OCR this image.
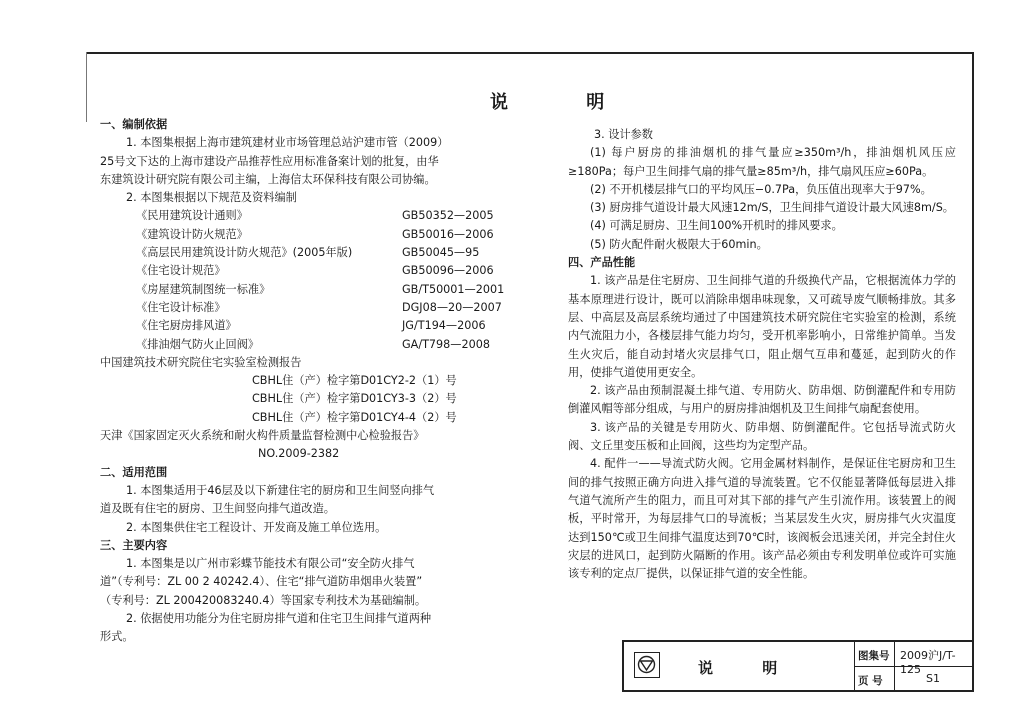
说 明
一、编制依据
1. 本图集根据上海市建筑建材业市场管理总站沪建市管（2009）
25号文下达的上海市建设产品推荐性应用标准备案计划的批复，由华
东建筑设计研究院有限公司主编，上海信太环保科技有限公司协编。
2. 本图集根据以下规范及资料编制
《民用建筑设计通则》	GB50352—2005
《建筑设计防火规范》	GB50016—2006
《高层民用建筑设计防火规范》(2005年版)	GB50045—95
《住宅设计规范》	GB50096—2006
《房屋建筑制图统一标准》	GB/T50001—2001
《住宅设计标准》	DGJ08—20—2007
《住宅厨房排风道》	JG/T194—2006
《排油烟气防火止回阀》	GA/T798—2008
中国建筑技术研究院住宅实验室检测报告
CBHL住（产）检字第D01CY2-2（1）号
CBHL住（产）检字第D01CY3-3（2）号
CBHL住（产）检字第D01CY4-4（2）号
天津《国家固定灭火系统和耐火构件质量监督检测中心检验报告》
NO.2009-2382
二、适用范围
1. 本图集适用于46层及以下新建住宅的厨房和卫生间竖向排气
道及既有住宅的厨房、卫生间竖向排气道改造。
2. 本图集供住宅工程设计、开发商及施工单位选用。
三、主要内容
1. 本图集是以广州市彩蝶节能技术有限公司“安全防火排气
道”（专利号：ZL 00 2 40242.4）、住宅“排气道防串烟串火装置”
（专利号：ZL 200420083240.4）等国家专利技术为基础编制。
2. 依据使用功能分为住宅厨房排气道和住宅卫生间排气道两种
形式。
3. 设计参数
(1) 每户厨房的排油烟机的排气量应≥350m³/h，排油烟机风压应≥180Pa；每户卫生间排气扇的排气量≥85m³/h，排气扇风压应≥60Pa。
(2) 不开机楼层排气口的平均风压−0.7Pa，负压值出现率大于97%。
(3) 厨房排气道设计最大风速12m/S，卫生间排气道设计最大风速8m/S。
(4) 可满足厨房、卫生间100%开机时的排风要求。
(5) 防火配件耐火极限大于60min。
四、产品性能
1. 该产品是住宅厨房、卫生间排气道的升级换代产品，它根据流体力学的基本原理进行设计，既可以消除串烟串味现象，又可疏导废气顺畅排放。其多层、中高层及高层系统均通过了中国建筑技术研究院住宅实验室的检测，系统内气流阻力小，各楼层排气能力均匀，受开机率影响小，日常维护简单。当发生火灾后，能自动封堵火灾层排气口，阻止烟气互串和蔓延，起到防火的作用，使排气道使用更安全。
2. 该产品由预制混凝土排气道、专用防火、防串烟、防倒灌配件和专用防倒灌风帽等部分组成，与用户的厨房排油烟机及卫生间排气扇配套使用。
3. 该产品的关键是专用防火、防串烟、防倒灌配件。它包括导流式防火阀、文丘里变压板和止回阀，这些均为定型产品。
4. 配件一——导流式防火阀。它用金属材料制作，是保证住宅厨房和卫生间的排气按照正确方向进入排气道的导流装置。它不仅能显著降低每层进入排气道气流所产生的阻力，而且可对其下部的排气产生引流作用。该装置上的阀板，平时常开，为每层排气口的导流板；当某层发生火灾，厨房排气火灾温度达到150℃或卫生间排气温度达到70℃时，该阀板会迅速关闭，并完全封住火灾层的进风口，起到防火隔断的作用。该产品必须由专利发明单位或许可实施该专利的定点厂提供，以保证排气道的安全性能。
说 明
图集号 2009沪J/T-125
页 号	S1
